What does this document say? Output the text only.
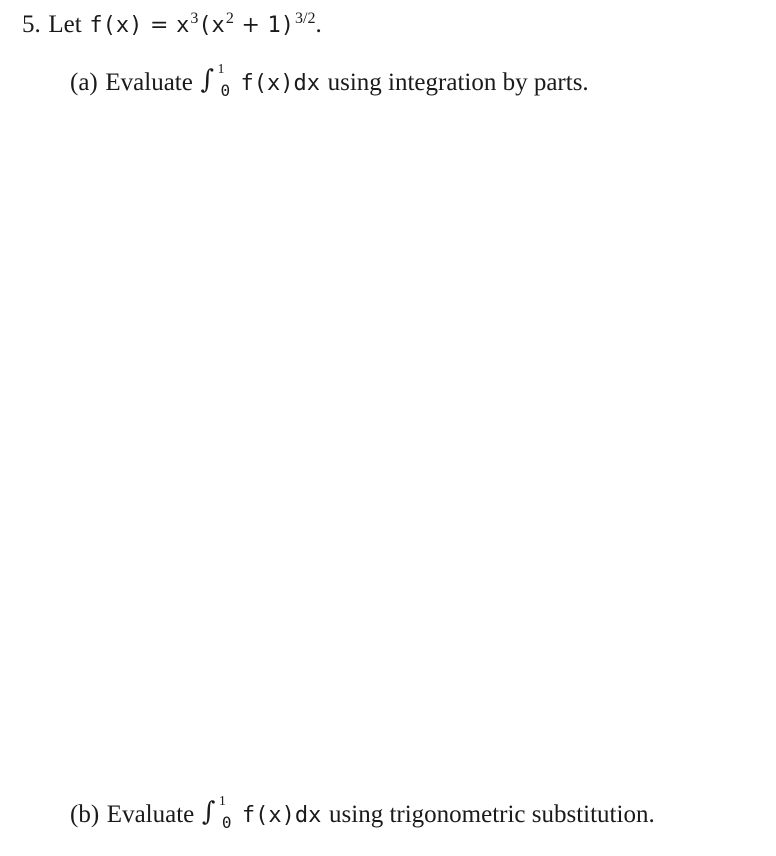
5. Let $f(x) = x^3(x^2 + 1)^{3/2}$.
(a) Evaluate ∫ 1
0 f(x)dx using integration by parts.
(b) Evaluate ∫ 1
0 f(x)dx using trigonometric substitution.
